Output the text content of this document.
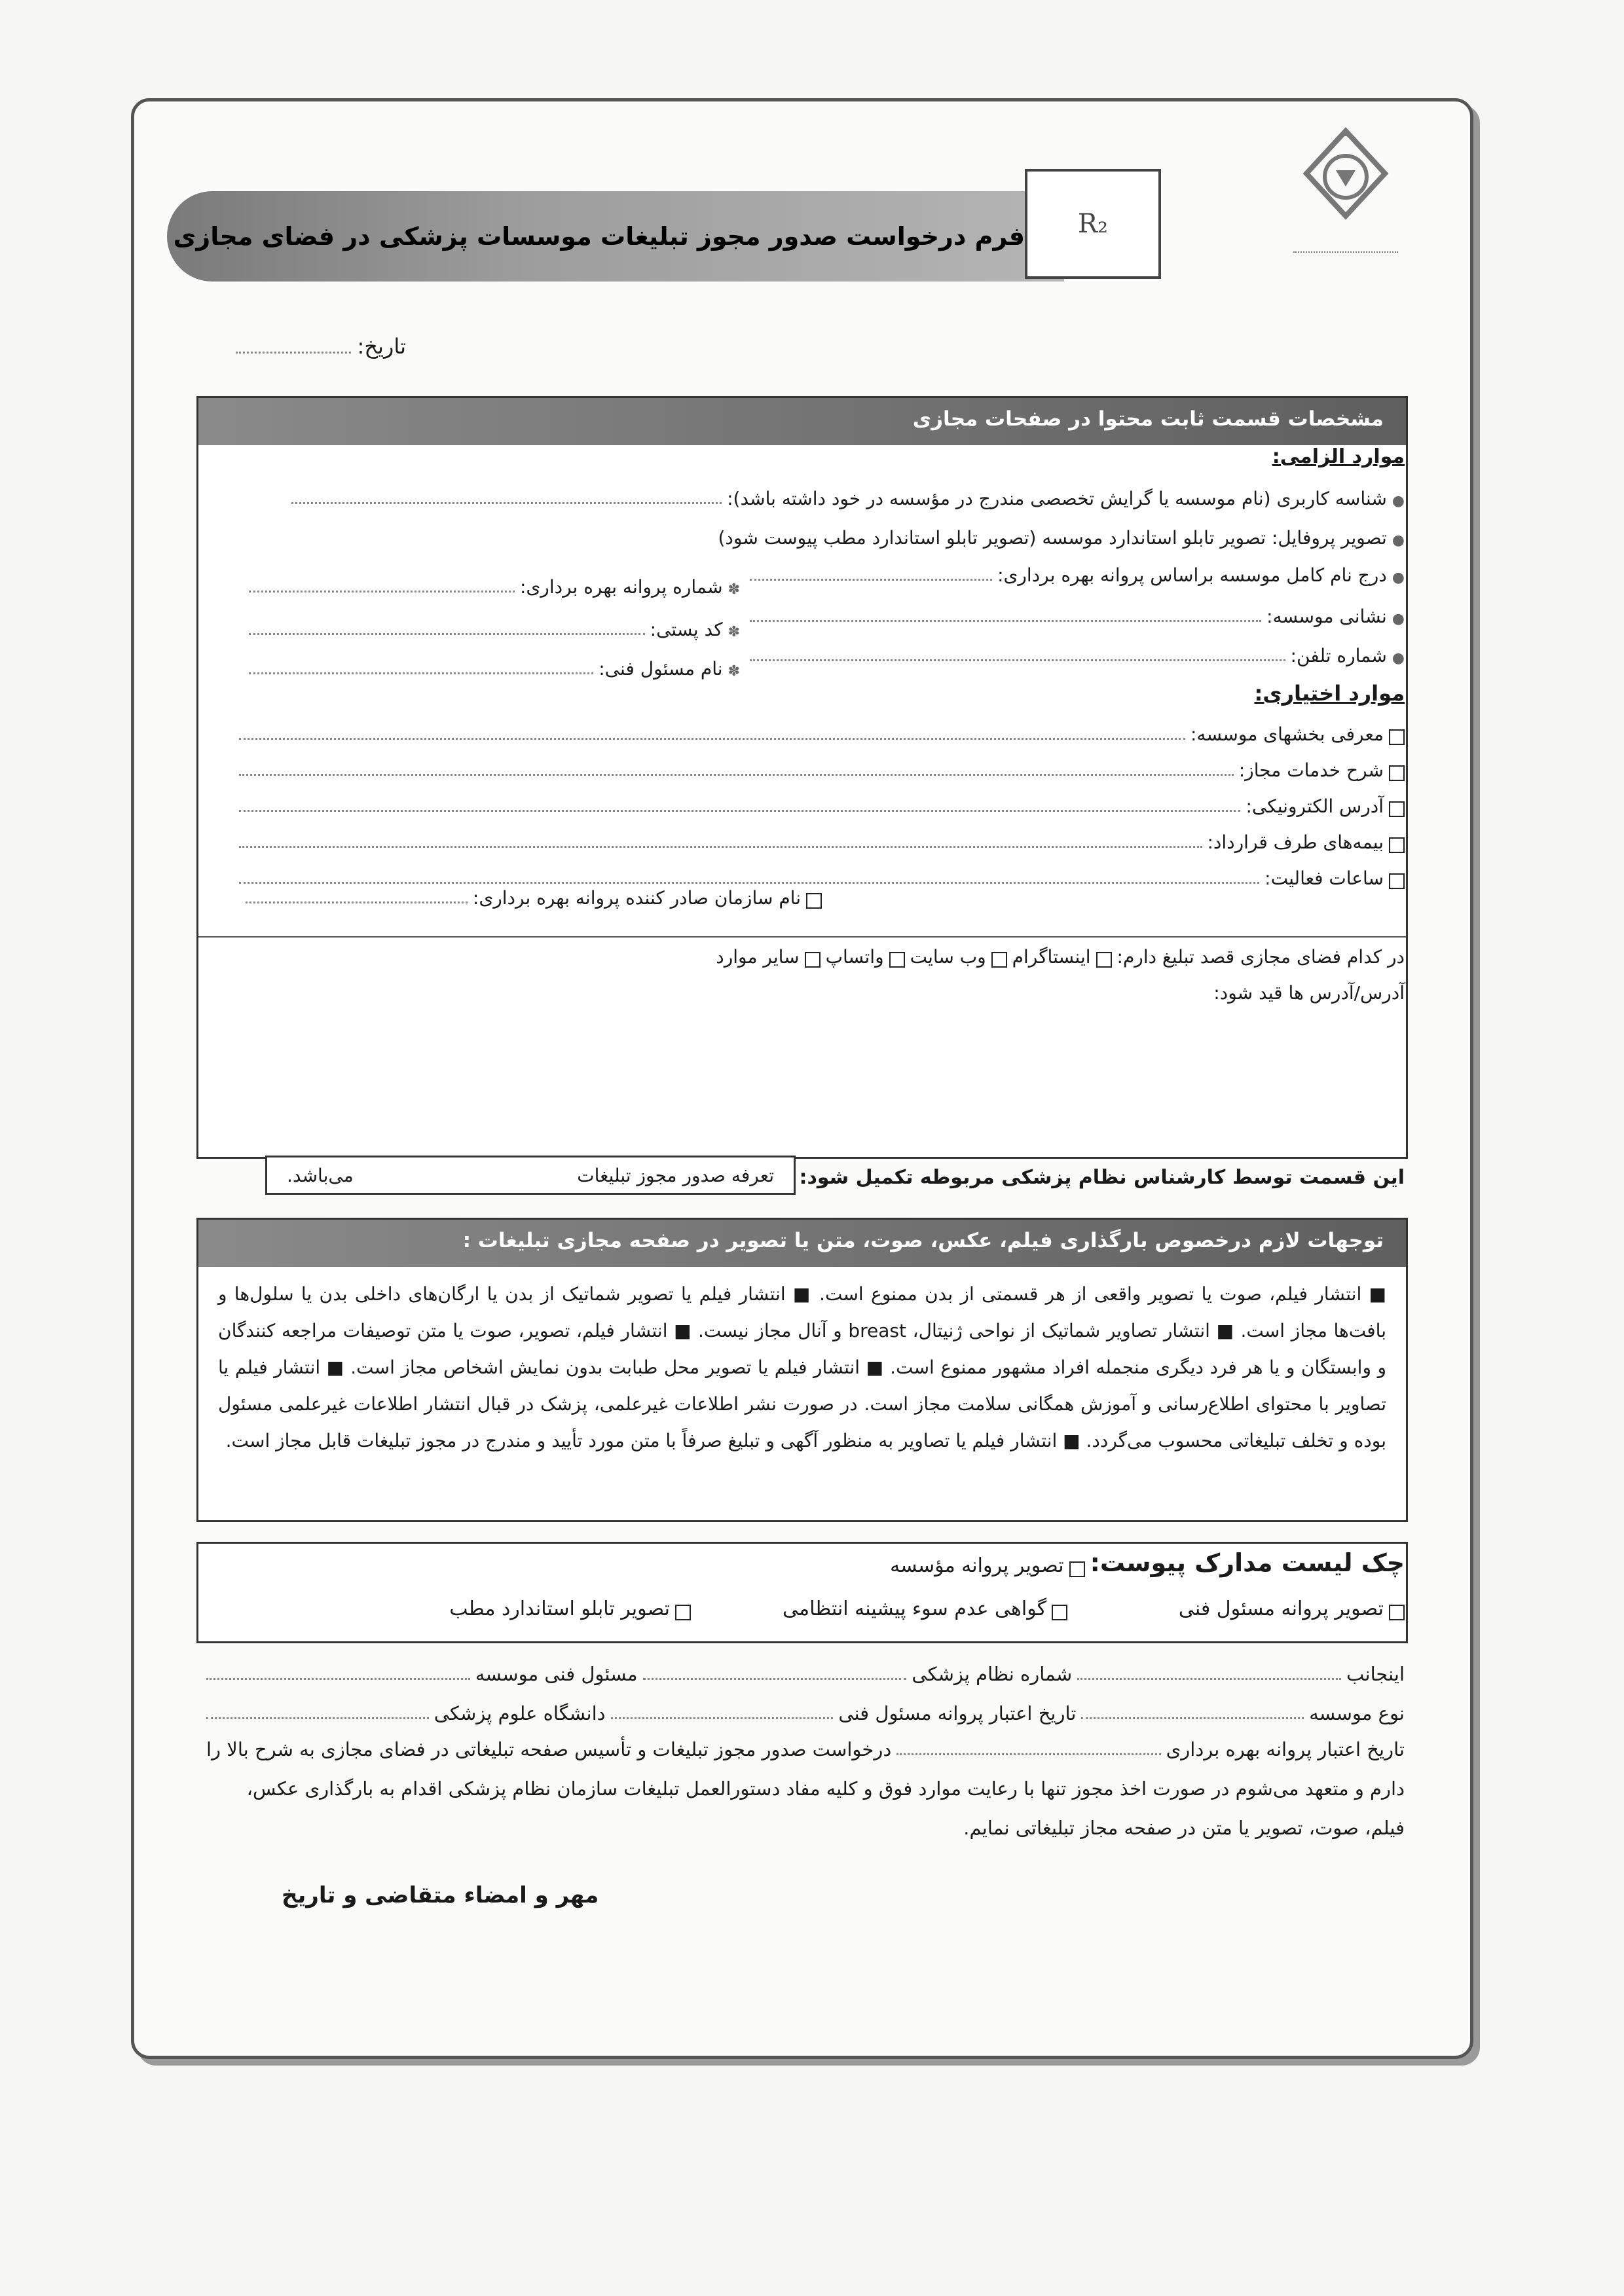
فرم درخواست صدور مجوز تبلیغات موسسات پزشکی در فضای مجازی R₂
تاریخ:
مشخصات قسمت ثابت محتوا در صفحات مجازی
موارد الزامی:
●
شناسه کاربری (نام موسسه یا گرایش تخصصی مندرج در مؤسسه در خود داشته باشد):
●
تصویر پروفایل: تصویر تابلو استاندارد موسسه (تصویر تابلو استاندارد مطب پیوست شود)
●
درج نام کامل موسسه براساس پروانه بهره برداری:
●
نشانی موسسه:
●
شماره تلفن:
✽
شماره پروانه بهره برداری:
✽
کد پستی:
✽
نام مسئول فنی:
موارد اختیاری:
معرفی بخشهای موسسه:
شرح خدمات مجاز:
آدرس الکترونیکی:
بیمه‌های طرف قرارداد:
ساعات فعالیت:
نام سازمان صادر کننده پروانه بهره برداری:
در کدام فضای مجازی قصد تبلیغ دارم:
اینستاگرام
وب سایت
واتساپ
سایر موارد
آدرس/آدرس ها قید شود:
این قسمت توسط کارشناس نظام پزشکی مربوطه تکمیل شود:
تعرفه صدور مجوز تبلیغات
می‌باشد.
توجهات لازم درخصوص بارگذاری فیلم، عکس، صوت، متن یا تصویر در صفحه مجازی تبلیغات :
■ انتشار فیلم، صوت یا تصویر واقعی از هر قسمتی از بدن ممنوع است. ■ انتشار فیلم یا تصویر شماتیک از بدن یا ارگان‌های داخلی بدن یا سلول‌ها و بافت‌ها مجاز است. ■ انتشار تصاویر شماتیک از نواحی ژنیتال، breast و آنال مجاز نیست. ■ انتشار فیلم، تصویر، صوت یا متن توصیفات مراجعه کنندگان و وابستگان و یا هر فرد دیگری منجمله افراد مشهور ممنوع است. ■ انتشار فیلم یا تصویر محل طبابت بدون نمایش اشخاص مجاز است. ■ انتشار فیلم یا تصاویر با محتوای اطلاع‌رسانی و آموزش همگانی سلامت مجاز است. در صورت نشر اطلاعات غیرعلمی، پزشک در قبال انتشار اطلاعات غیرعلمی مسئول بوده و تخلف تبلیغاتی محسوب می‌گردد. ■ انتشار فیلم یا تصاویر به منظور آگهی و تبلیغ صرفاً با متن مورد تأیید و مندرج در مجوز تبلیغات قابل مجاز است.
چک لیست مدارک پیوست:
تصویر پروانه مؤسسه
تصویر پروانه مسئول فنی
گواهی عدم سوء پیشینه انتظامی
تصویر تابلو استاندارد مطب
اینجانب
شماره نظام پزشکی
مسئول فنی موسسه
نوع موسسه
تاریخ اعتبار پروانه مسئول فنی
دانشگاه علوم پزشکی
تاریخ اعتبار پروانه بهره برداری
درخواست صدور مجوز تبلیغات و تأسیس صفحه تبلیغاتی در فضای مجازی به شرح بالا را
دارم و متعهد می‌شوم در صورت اخذ مجوز تنها با رعایت موارد فوق و کلیه مفاد دستورالعمل تبلیغات سازمان نظام پزشکی اقدام به بارگذاری عکس،
فیلم، صوت، تصویر یا متن در صفحه مجاز تبلیغاتی نمایم.
مهر و امضاء متقاضی و تاریخ
